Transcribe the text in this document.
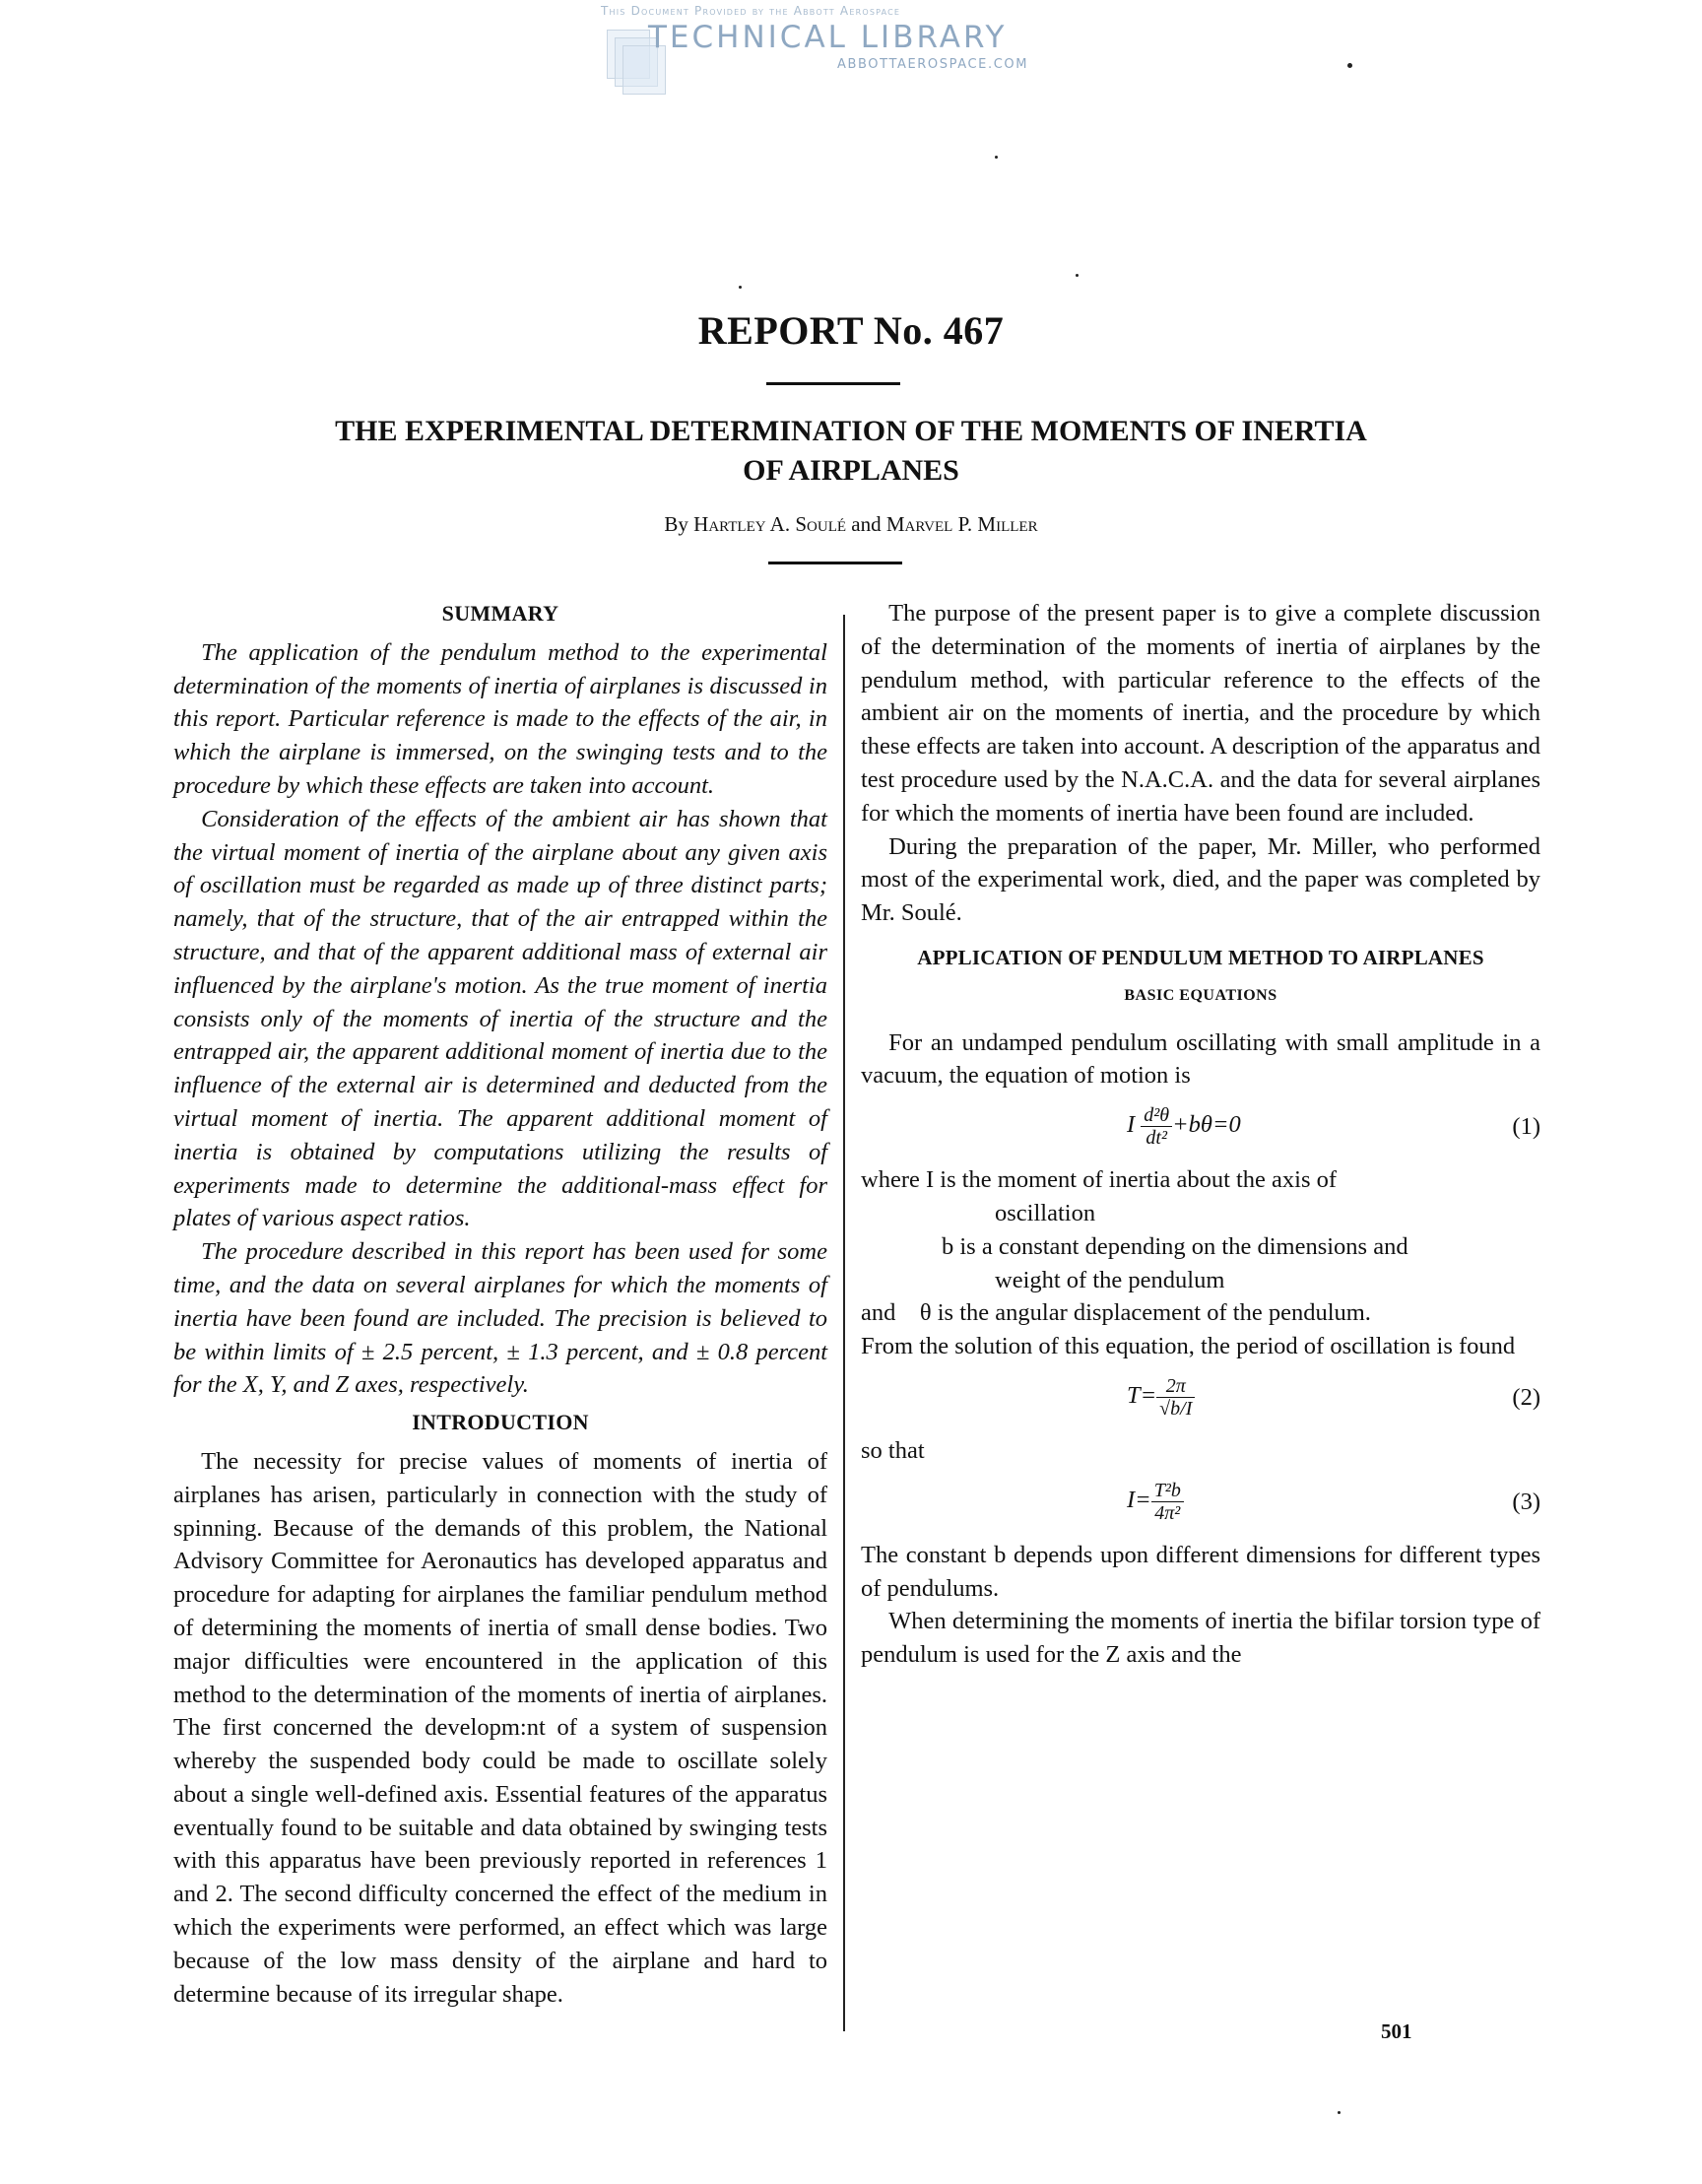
This Document Provided by the Abbott Aerospace
TECHNICAL LIBRARY
ABBOTTAEROSPACE.COM
REPORT No. 467
THE EXPERIMENTAL DETERMINATION OF THE MOMENTS OF INERTIA
OF AIRPLANES
By Hartley A. Soulé and Marvel P. Miller
SUMMARY

The application of the pendulum method to the experimental determination of the moments of inertia of airplanes is discussed in this report. Particular reference is made to the effects of the air, in which the airplane is immersed, on the swinging tests and to the procedure by which these effects are taken into account.

Consideration of the effects of the ambient air has shown that the virtual moment of inertia of the airplane about any given axis of oscillation must be regarded as made up of three distinct parts; namely, that of the structure, that of the air entrapped within the structure, and that of the apparent additional mass of external air influenced by the airplane's motion. As the true moment of inertia consists only of the moments of inertia of the structure and the entrapped air, the apparent additional moment of inertia due to the influence of the external air is determined and deducted from the virtual moment of inertia. The apparent additional moment of inertia is obtained by computations utilizing the results of experiments made to determine the additional-mass effect for plates of various aspect ratios.

The procedure described in this report has been used for some time, and the data on several airplanes for which the moments of inertia have been found are included. The precision is believed to be within limits of ± 2.5 percent, ± 1.3 percent, and ± 0.8 percent for the X, Y, and Z axes, respectively.

INTRODUCTION

The necessity for precise values of moments of inertia of airplanes has arisen, particularly in connection with the study of spinning. Because of the demands of this problem, the National Advisory Committee for Aeronautics has developed apparatus and procedure for adapting for airplanes the familiar pendulum method of determining the moments of inertia of small dense bodies. Two major difficulties were encountered in the application of this method to the determination of the moments of inertia of airplanes. The first concerned the developm:nt of a system of suspension whereby the suspended body could be made to oscillate solely about a single well-defined axis. Essential features of the apparatus eventually found to be suitable and data obtained by swinging tests with this apparatus have been previously reported in references 1 and 2. The second difficulty concerned the effect of the medium in which the experiments were performed, an effect which was large because of the low mass density of the airplane and hard to determine because of its irregular shape.

The purpose of the present paper is to give a complete discussion of the determination of the moments of inertia of airplanes by the pendulum method, with particular reference to the effects of the ambient air on the moments of inertia, and the procedure by which these effects are taken into account. A description of the apparatus and test procedure used by the N.A.C.A. and the data for several airplanes for which the moments of inertia have been found are included.

During the preparation of the paper, Mr. Miller, who performed most of the experimental work, died, and the paper was completed by Mr. Soulé.

APPLICATION OF PENDULUM METHOD TO AIRPLANES
BASIC EQUATIONS

For an undamped pendulum oscillating with small amplitude in a vacuum, the equation of motion is

I $\frac{\text{d²θ}}{\text{dt²}} +b\theta=0$	(1)
where I is the moment of inertia about the axis of
oscillation
b is a constant depending on the dimensions and
weight of the pendulum
and θ is the angular displacement of the pendulum.

From the solution of this equation, the period of oscillation is found

$T= \frac{2\pi}{√b/I}$	(2)

so that

$I= \frac{\text{T²b}}{\text{4π²}}$	(3)

The constant b depends upon different dimensions for different types of pendulums.

When determining the moments of inertia the bifilar torsion type of pendulum is used for the Z axis and the

501
